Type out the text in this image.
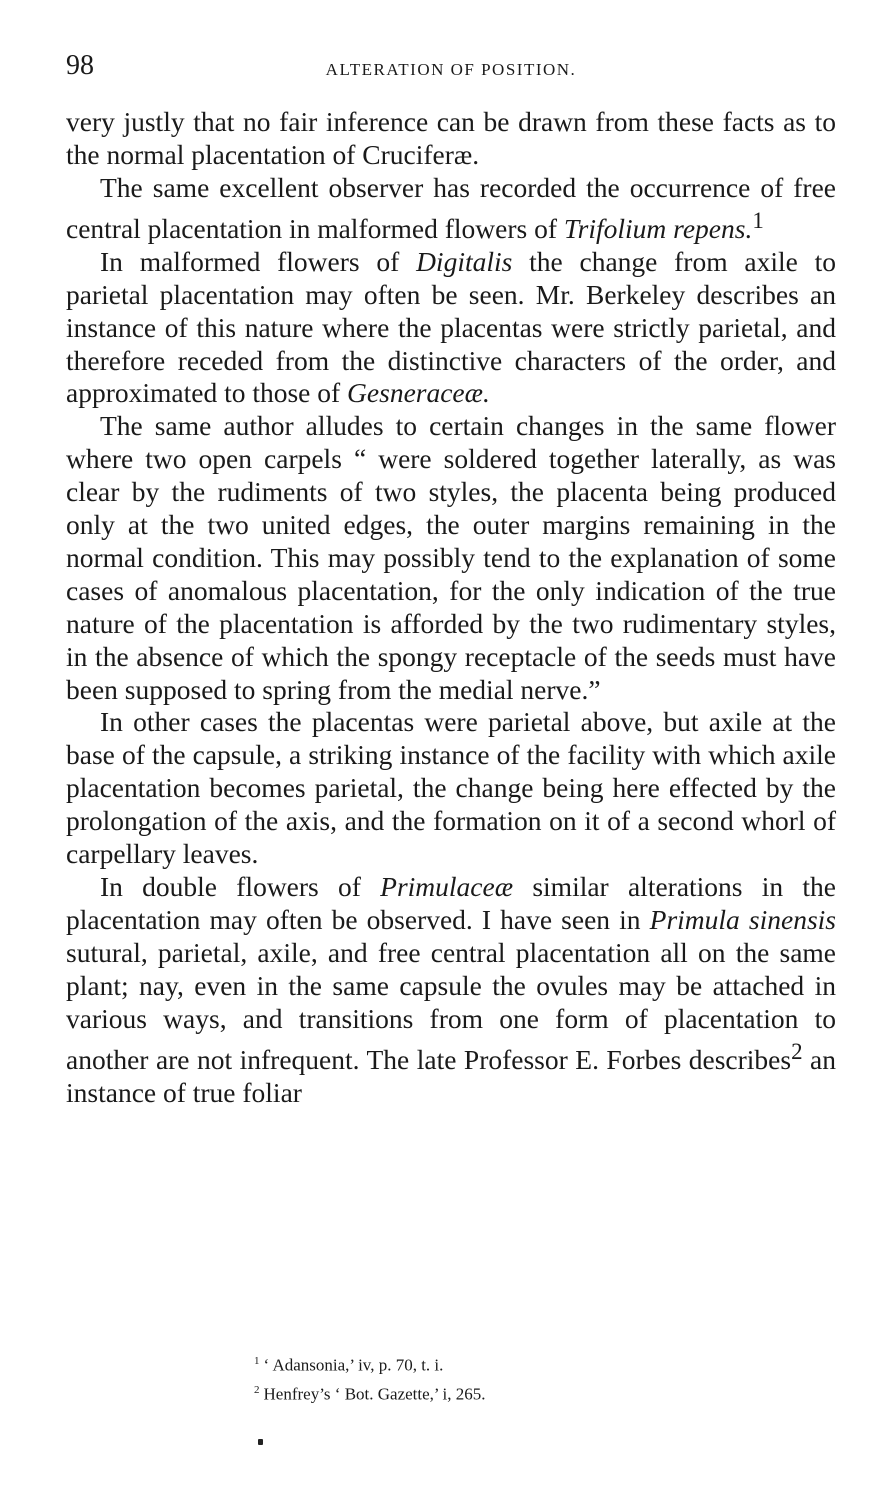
98	ALTERATION OF POSITION.

very justly that no fair inference can be drawn from these facts as to the normal placentation of Cruciferæ.

The same excellent observer has recorded the occurrence of free central placentation in malformed flowers of Trifolium repens.$^1$

In malformed flowers of Digitalis the change from axile to parietal placentation may often be seen. Mr. Berkeley describes an instance of this nature where the placentas were strictly parietal, and therefore receded from the distinctive characters of the order, and approximated to those of Gesneraceæ.

The same author alludes to certain changes in the same flower where two open carpels “ were soldered together laterally, as was clear by the rudiments of two styles, the placenta being produced only at the two united edges, the outer margins remaining in the normal condition. This may possibly tend to the explanation of some cases of anomalous placentation, for the only indication of the true nature of the placentation is afforded by the two rudimentary styles, in the absence of which the spongy receptacle of the seeds must have been supposed to spring from the medial nerve.”

In other cases the placentas were parietal above, but axile at the base of the capsule, a striking instance of the facility with which axile placentation becomes parietal, the change being here effected by the prolongation of the axis, and the formation on it of a second whorl of carpellary leaves.

In double flowers of Primulaceæ similar alterations in the placentation may often be observed. I have seen in Primula sinensis sutural, parietal, axile, and free central placentation all on the same plant; nay, even in the same capsule the ovules may be attached in various ways, and transitions from one form of placentation to another are not infrequent. The late Professor E. Forbes describes$^2$ an instance of true foliar

$^1$ ‘ Adansonia,’ iv, p. 70, t. i.
$^2$ Henfrey’s ‘ Bot. Gazette,’ i, 265.
